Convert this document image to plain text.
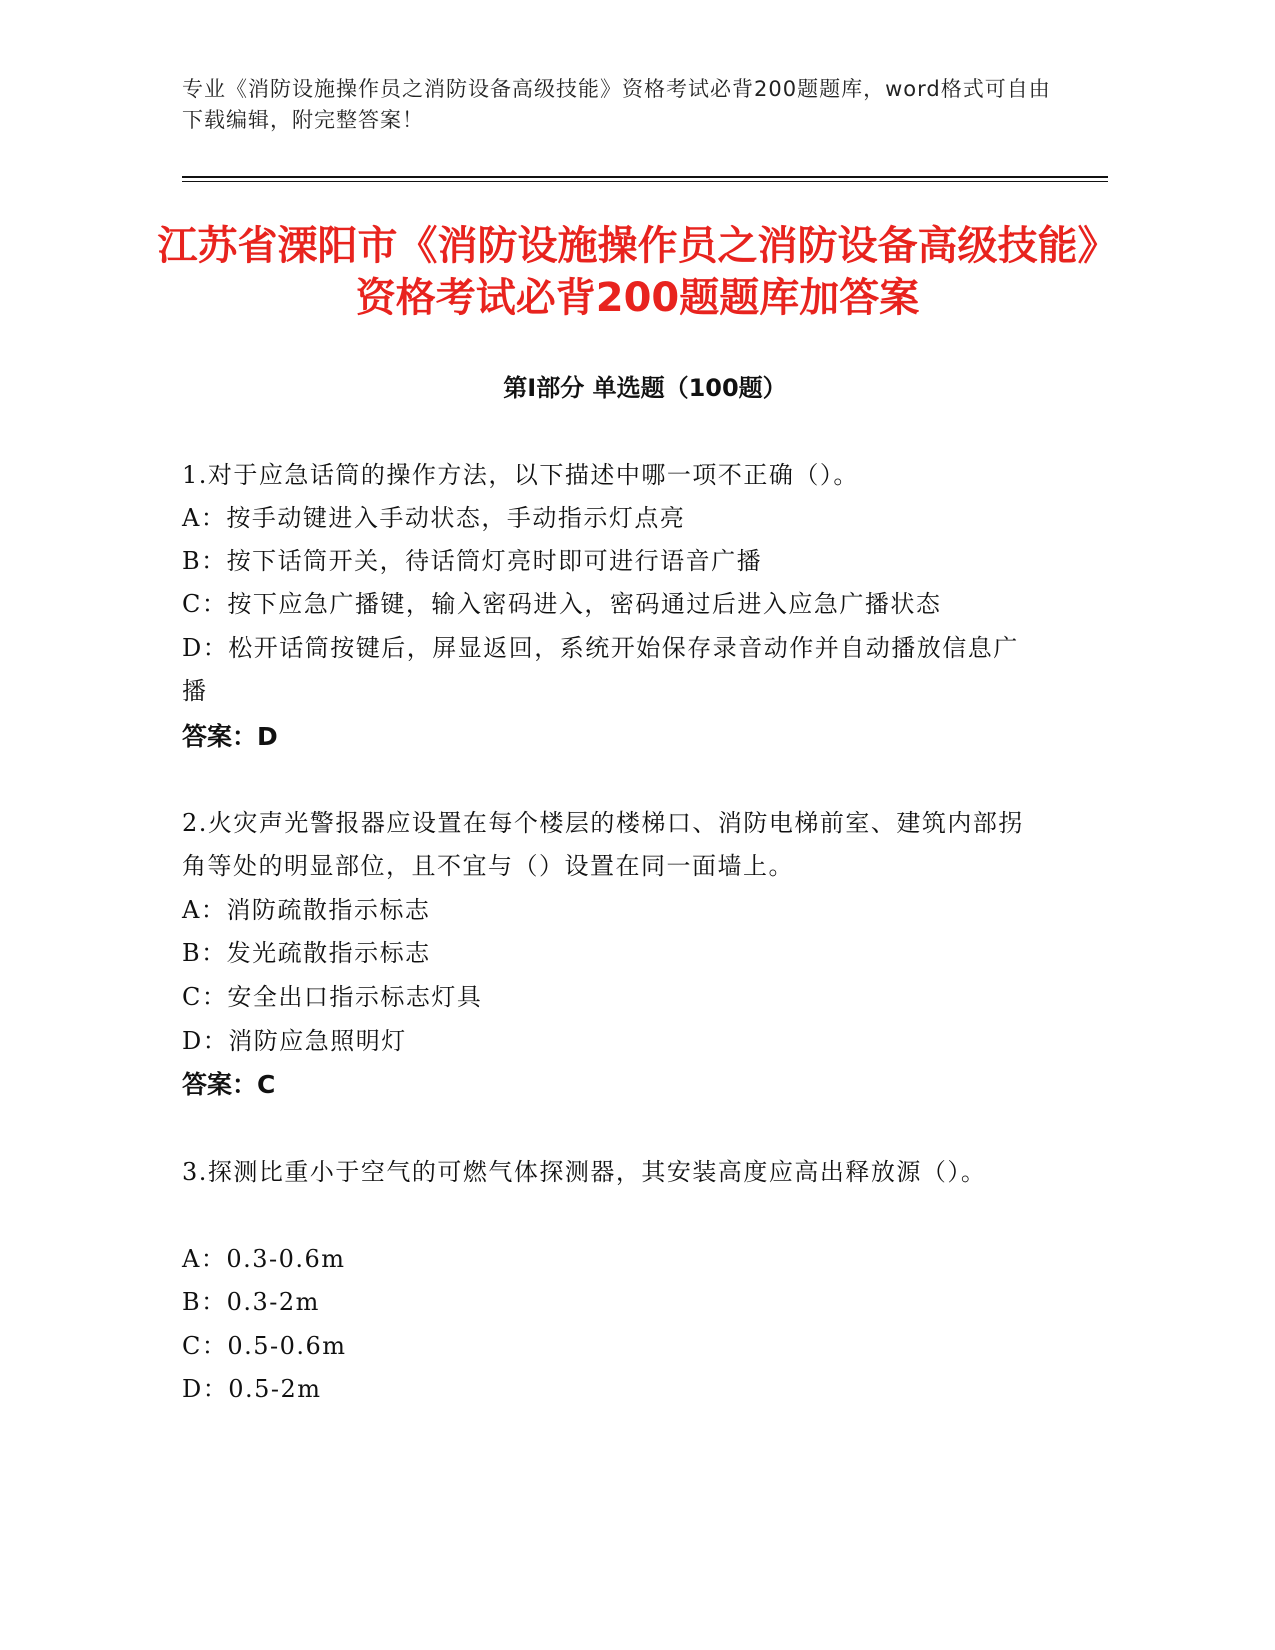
专业《消防设施操作员之消防设备高级技能》资格考试必背200题题库，word格式可自由下载编辑，附完整答案！
江苏省溧阳市《消防设施操作员之消防设备高级技能》资格考试必背200题题库加答案
第I部分 单选题（100题）

1.对于应急话筒的操作方法，以下描述中哪一项不正确（）。

A：按手动键进入手动状态，手动指示灯点亮

B：按下话筒开关，待话筒灯亮时即可进行语音广播

C：按下应急广播键，输入密码进入，密码通过后进入应急广播状态

D：松开话筒按键后，屏显返回，系统开始保存录音动作并自动播放信息广播

答案：D

2.火灾声光警报器应设置在每个楼层的楼梯口、消防电梯前室、建筑内部拐角等处的明显部位，且不宜与（）设置在同一面墙上。

A：消防疏散指示标志

B：发光疏散指示标志

C：安全出口指示标志灯具

D：消防应急照明灯

答案：C

3.探测比重小于空气的可燃气体探测器，其安装高度应高出释放源（）。

A：0.3-0.6m

B：0.3-2m

C：0.5-0.6m

D：0.5-2m
